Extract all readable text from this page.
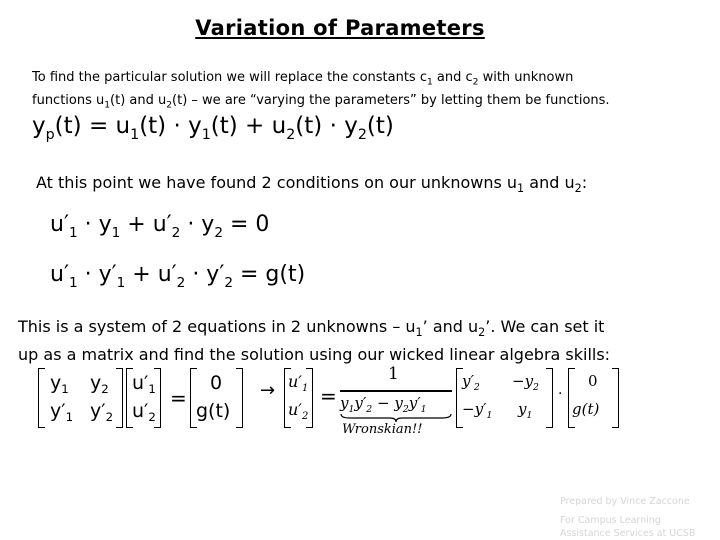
Variation of Parameters
To find the particular solution we will replace the constants $c_1$ and $c_2$ with unknown
functions $u_1(t)$ and $u_2(t)$ – we are “varying the parameters” by letting them be functions.
$y_p(t) = u_1(t) \cdot y_1(t) + u_2(t) \cdot y_2(t)$
At this point we have found 2 conditions on our unknowns $u_1$ and $u_2$:
$u'_1 \cdot y_1 + u'_2 \cdot y_2 = 0$
$u'_1 \cdot y'_1 + u'_2 \cdot y'_2 = g(t)$
This is a system of 2 equations in 2 unknowns – $u_1$’ and $u_2$’. We can set it
up as a matrix and find the solution using our wicked linear algebra skills:
$y_1$ $y_2$
$y'_1$ $y'_2$
$u'_1$
$u'_2$
=
0
g(t)
→ $u'_1$
$u'_2$
=
1
$y_1y'_2 - y_2y'_1$
$y'_2$
$-y'_1$
$-y_2$
$y_1$
·
0
g(t)
Wronskian!!
Prepared by Vince Zaccone
For Campus Learning
Assistance Services at UCSB
